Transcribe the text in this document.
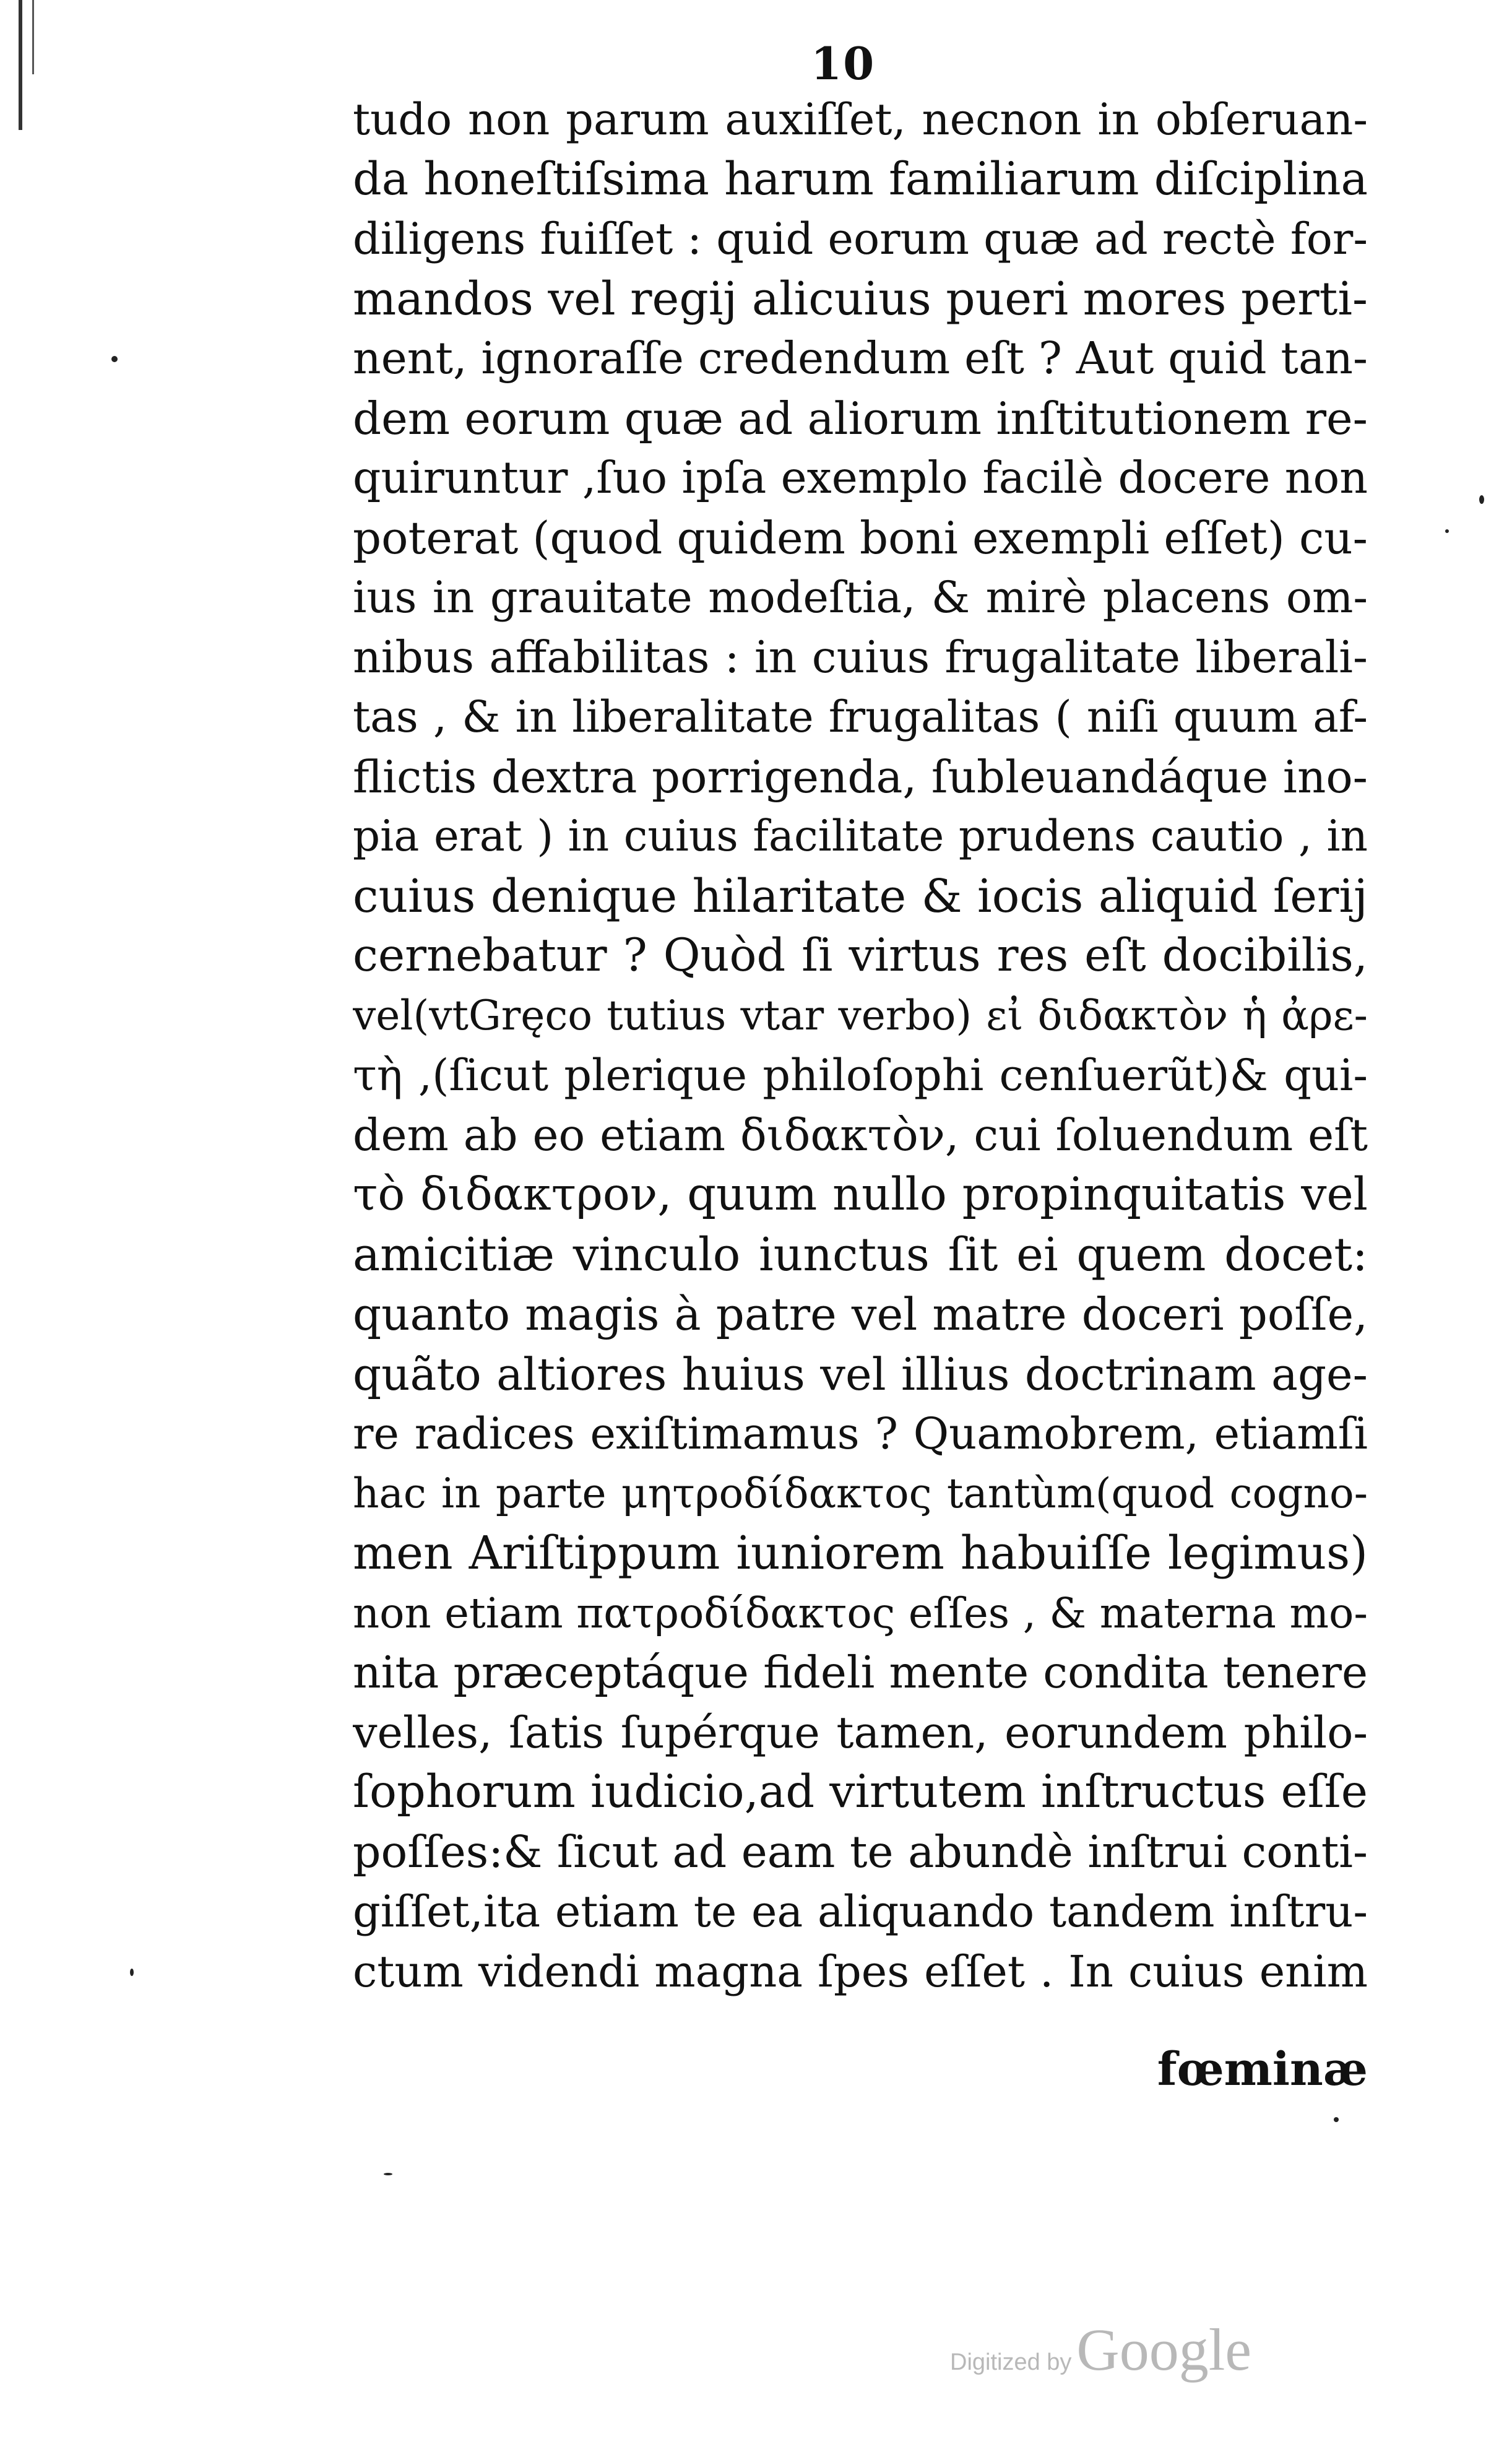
10
tudo non parum auxiſſet, necnon in obſeruan-
da honeſtiſsima harum familiarum diſciplina
diligens fuiſſet : quid eorum quæ ad rectè for-
mandos vel regij alicuius pueri mores perti-
nent, ignoraſſe credendum eſt ? Aut quid tan-
dem eorum quæ ad aliorum inſtitutionem re-
quiruntur ,ſuo ipſa exemplo facilè docere non
poterat (quod quidem boni exempli eſſet) cu-
ius in grauitate modeſtia, & mirè placens om-
nibus affabilitas : in cuius frugalitate liberali-
tas , & in liberalitate frugalitas ( niſi quum af-
flictis dextra porrigenda, ſubleuandáque ino-
pia erat ) in cuius facilitate prudens cautio , in
cuius denique hilaritate & iocis aliquid ſerij
cernebatur ? Quòd ſi virtus res eſt docibilis,
vel(vtGręco tutius vtar verbo) εἰ διδακτὸν ἡ ἀρε-
τὴ ,(ſicut plerique philoſophi cenſuerũt)& qui-
dem ab eo etiam διδακτὸν, cui ſoluendum eſt
τὸ διδακτρον, quum nullo propinquitatis vel
amicitiæ vinculo iunctus ſit ei quem docet:
quanto magis à patre vel matre doceri poſſe,
quãto altiores huius vel illius doctrinam age-
re radices exiſtimamus ? Quamobrem, etiamſi
hac in parte μητροδίδακτος tantùm(quod cogno-
men Ariſtippum iuniorem habuiſſe legimus)
non etiam πατροδίδακτος eſſes , & materna mo-
nita præceptáque fideli mente condita tenere
velles, ſatis ſupérque tamen, eorundem philo-
ſophorum iudicio,ad virtutem inſtructus eſſe
poſſes:& ſicut ad eam te abundè inſtrui conti-
giſſet,ita etiam te ea aliquando tandem inſtru-
ctum videndi magna ſpes eſſet . In cuius enim
fœminæ
Digitized byGoogle
